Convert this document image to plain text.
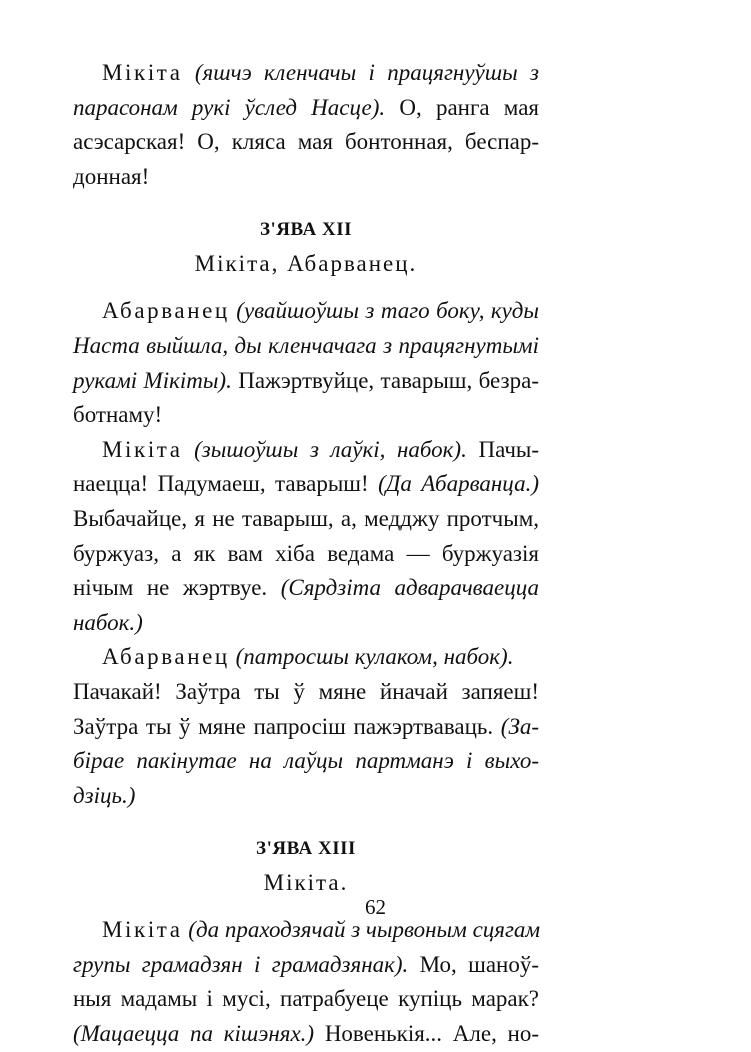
Мікіта (яшчэ кленчачы і працягнуўшы з
парасонам рукі ўслед Насце). О, ранга мая
асэсарская! О, кляса мая бонтонная, беспар-
донная!
З'ЯВА XII
Мікіта, Абарванец.
Абарванец (увайшоўшы з таго боку, куды
Наста выйшла, ды кленчачага з працягнутымі
рукамі Мікіты). Пажэртвуйце, таварыш, безра-
ботнаму!
Мікіта (зышоўшы з лаўкі, набок). Пачы-
наецца! Падумаеш, таварыш! (Да Абарванца.)
Выбачайце, я не таварыш, а, медджу протчым,
буржуаз, а як вам хіба ведама — буржуазія
нічым не жэртвуе. (Сярдзіта адварачваецца
набок.)
Абарванец (патросшы кулаком, набок).
Пачакай! Заўтра ты ў мяне йначай запяеш!
Заўтра ты ў мяне папросіш пажэртваваць. (За-
бірае пакінутае на лаўцы партманэ і выхо-
дзіць.)
З'ЯВА XIII
Мікіта.
Мікіта (да праходзячай з чырвоным сцягам
групы грамадзян і грамадзянак). Мо, шаноў-
ныя мадамы і мусі, патрабуеце купіць марак?
(Мацаецца па кішэнях.) Новенькія... Але, но-
62
